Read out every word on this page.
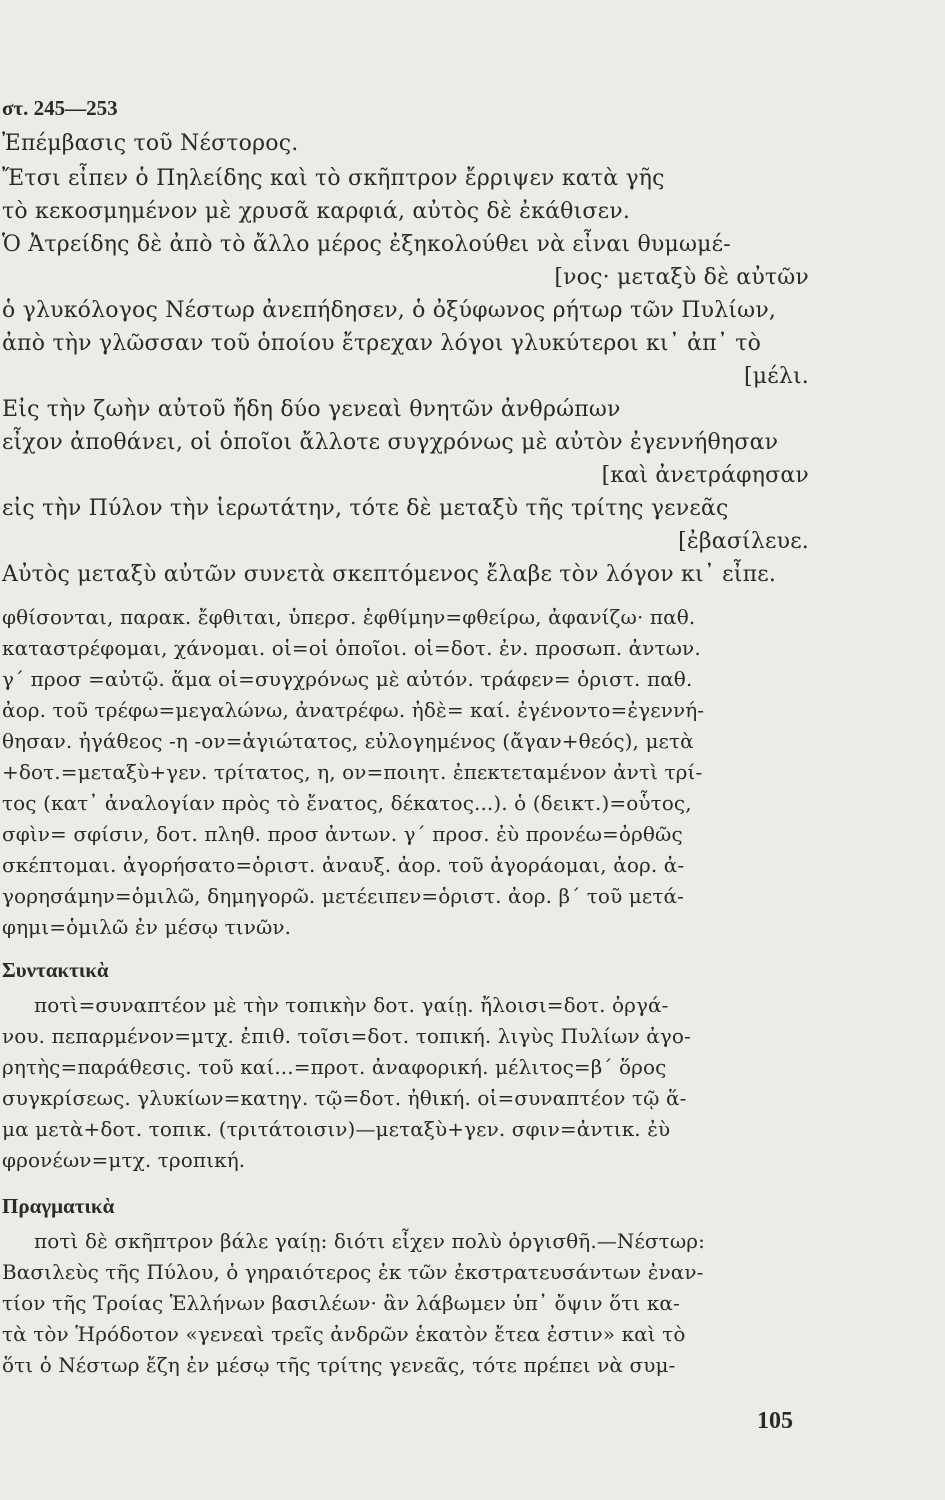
στ. 245—253
Ἐπέμβασις τοῦ Νέστορος.
Ἔτσι εἶπεν ὁ Πηλείδης καὶ τὸ σκῆπτρον ἔρριψεν κατὰ γῆς
τὸ κεκοσμημένον μὲ χρυσᾶ καρφιά, αὐτὸς δὲ ἐκάθισεν.
Ὁ Ἀτρείδης δὲ ἀπὸ τὸ ἄλλο μέρος ἐξηκολούθει νὰ εἶναι θυμωμέ-
[νος· μεταξὺ δὲ αὐτῶν
ὁ γλυκόλογος Νέστωρ ἀνεπήδησεν, ὁ ὀξύφωνος ρήτωρ τῶν Πυλίων,
ἀπὸ τὴν γλῶσσαν τοῦ ὁποίου ἔτρεχαν λόγοι γλυκύτεροι κι᾿ ἀπ᾿ τὸ
[μέλι.
Εἰς τὴν ζωὴν αὐτοῦ ἤδη δύο γενεαὶ θνητῶν ἀνθρώπων
εἶχον ἀποθάνει, οἱ ὁποῖοι ἄλλοτε συγχρόνως μὲ αὐτὸν ἐγεννήθησαν
[καὶ ἀνετράφησαν
εἰς τὴν Πύλον τὴν ἱερωτάτην, τότε δὲ μεταξὺ τῆς τρίτης γενεᾶς
[ἐβασίλευε.
Αὐτὸς μεταξὺ αὐτῶν συνετὰ σκεπτόμενος ἔλαβε τὸν λόγον κι᾿ εἶπε.
φθίσονται, παρακ. ἔφθιται, ὑπερσ. ἐφθίμην=φθείρω, ἀφανίζω· παθ.
καταστρέφομαι, χάνομαι. οἱ=οἱ ὁποῖοι. οἱ=δοτ. ἐν. προσωπ. ἀντων.
γ΄ προσ =αὐτῷ. ἅμα οἱ=συγχρόνως μὲ αὐτόν. τράφεν= ὁριστ. παθ.
ἀορ. τοῦ τρέφω=μεγαλώνω, ἀνατρέφω. ἠδὲ= καί. ἐγένοντο=ἐγεννή-
θησαν. ἠγάθεος -η -ον=ἁγιώτατος, εὐλογημένος (ἄγαν+θεός), μετὰ
+δοτ.=μεταξὺ+γεν. τρίτατος, η, ον=ποιητ. ἐπεκτεταμένον ἀντὶ τρί-
τος (κατ᾿ ἀναλογίαν πρὸς τὸ ἔνατος, δέκατος...). ὁ (δεικτ.)=οὗτος,
σφὶν= σφίσιν, δοτ. πληθ. προσ ἀντων. γ΄ προσ. ἐὺ προνέω=ὀρθῶς
σκέπτομαι. ἀγορήσατο=ὁριστ. ἀναυξ. ἀορ. τοῦ ἀγοράομαι, ἀορ. ἀ-
γορησάμην=ὁμιλῶ, δημηγορῶ. μετέειπεν=ὁριστ. ἀορ. β΄ τοῦ μετά-
φημι=ὁμιλῶ ἐν μέσῳ τινῶν.
Συντακτικὰ
ποτὶ=συναπτέον μὲ τὴν τοπικὴν δοτ. γαίῃ. ἤλοισι=δοτ. ὀργά-
νου. πεπαρμένον=μτχ. ἐπιθ. τοῖσι=δοτ. τοπική. λιγὺς Πυλίων ἀγο-
ρητὴς=παράθεσις. τοῦ καί...=προτ. ἀναφορική. μέλιτος=β΄ ὅρος
συγκρίσεως. γλυκίων=κατηγ. τῷ=δοτ. ἠθική. οἱ=συναπτέον τῷ ἅ-
μα μετὰ+δοτ. τοπικ. (τριτάτοισιν)—μεταξὺ+γεν. σφιν=ἀντικ. ἐὺ
φρονέων=μτχ. τροπική.
Πραγματικὰ
ποτὶ δὲ σκῆπτρον βάλε γαίῃ: διότι εἶχεν πολὺ ὀργισθῆ.—Νέστωρ:
Βασιλεὺς τῆς Πύλου, ὁ γηραιότερος ἐκ τῶν ἐκστρατευσάντων ἐναν-
τίον τῆς Τροίας Ἑλλήνων βασιλέων· ἂν λάβωμεν ὑπ᾿ ὄψιν ὅτι κα-
τὰ τὸν Ἡρόδοτον «γενεαὶ τρεῖς ἀνδρῶν ἑκατὸν ἔτεα ἐστιν» καὶ τὸ
ὅτι ὁ Νέστωρ ἔζη ἐν μέσῳ τῆς τρίτης γενεᾶς, τότε πρέπει νὰ συμ-
105
